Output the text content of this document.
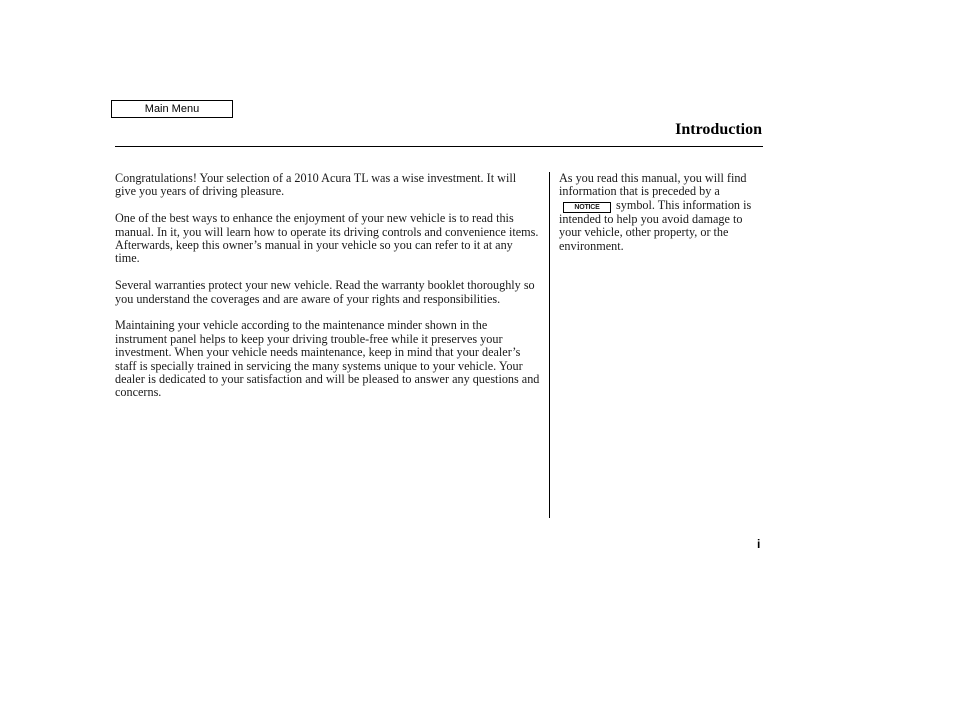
Main Menu
Introduction

Congratulations! Your selection of a 2010 Acura TL was a wise investment. It will give you years of driving pleasure.

One of the best ways to enhance the enjoyment of your new vehicle is to read this manual. In it, you will learn how to operate its driving controls and convenience items. Afterwards, keep this owner’s manual in your vehicle so you can refer to it at any time.

Several warranties protect your new vehicle. Read the warranty booklet thoroughly so you understand the coverages and are aware of your rights and responsibilities.

Maintaining your vehicle according to the maintenance minder shown in the instrument panel helps to keep your driving trouble-free while it preserves your investment. When your vehicle needs maintenance, keep in mind that your dealer’s staff is specially trained in servicing the many systems unique to your vehicle. Your dealer is dedicated to your satisfaction and will be pleased to answer any questions and concerns.

As you read this manual, you will find information that is preceded by aNOTICE symbol. This information is intended to help you avoid damage to your vehicle, other property, or the environment.

i
